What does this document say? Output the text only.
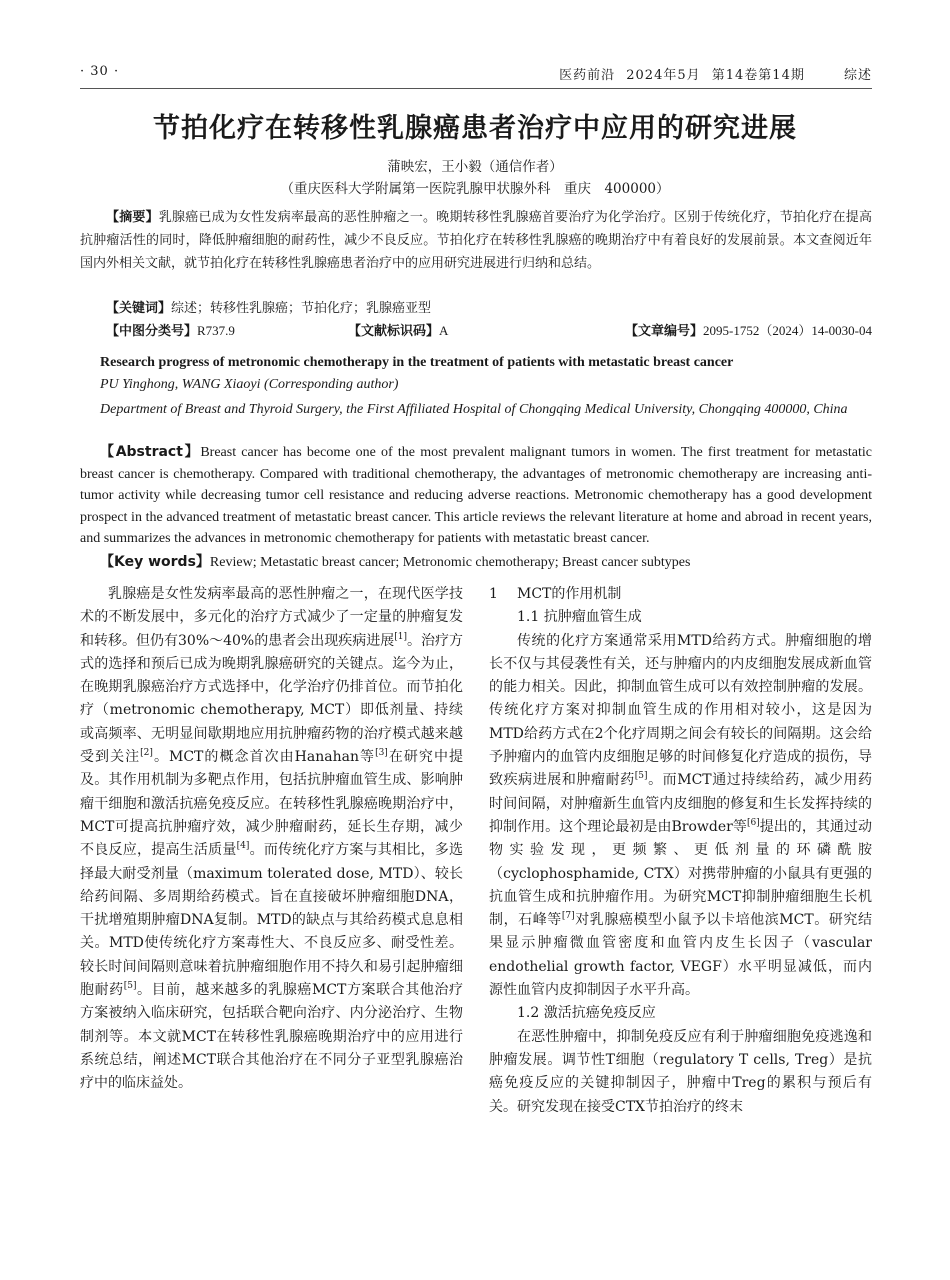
· 30 ·	医药前沿 2024年5月 第14卷第14期	综述
节拍化疗在转移性乳腺癌患者治疗中应用的研究进展
蒲映宏，王小毅（通信作者）
（重庆医科大学附属第一医院乳腺甲状腺外科　重庆　400000）
【摘要】乳腺癌已成为女性发病率最高的恶性肿瘤之一。晚期转移性乳腺癌首要治疗为化学治疗。区别于传统化疗，节拍化疗在提高抗肿瘤活性的同时，降低肿瘤细胞的耐药性，减少不良反应。节拍化疗在转移性乳腺癌的晚期治疗中有着良好的发展前景。本文查阅近年国内外相关文献，就节拍化疗在转移性乳腺癌患者治疗中的应用研究进展进行归纳和总结。
【关键词】综述；转移性乳腺癌；节拍化疗；乳腺癌亚型
【中图分类号】R737.9	【文献标识码】A	【文章编号】2095-1752（2024）14-0030-04
Research progress of metronomic chemotherapy in the treatment of patients with metastatic breast cancer
PU Yinghong, WANG Xiaoyi (Corresponding author)
Department of Breast and Thyroid Surgery, the First Affiliated Hospital of Chongqing Medical University, Chongqing 400000, China
【Abstract】Breast cancer has become one of the most prevalent malignant tumors in women. The first treatment for metastatic breast cancer is chemotherapy. Compared with traditional chemotherapy, the advantages of metronomic chemotherapy are increasing anti-tumor activity while decreasing tumor cell resistance and reducing adverse reactions. Metronomic chemotherapy has a good development prospect in the advanced treatment of metastatic breast cancer. This article reviews the relevant literature at home and abroad in recent years, and summarizes the advances in metronomic chemotherapy for patients with metastatic breast cancer.
【Key words】Review; Metastatic breast cancer; Metronomic chemotherapy; Breast cancer subtypes

乳腺癌是女性发病率最高的恶性肿瘤之一，在现代医学技术的不断发展中，多元化的治疗方式减少了一定量的肿瘤复发和转移。但仍有30%～40%的患者会出现疾病进展[1]。治疗方式的选择和预后已成为晚期乳腺癌研究的关键点。迄今为止，在晚期乳腺癌治疗方式选择中，化学治疗仍排首位。而节拍化疗（metronomic chemotherapy, MCT）即低剂量、持续或高频率、无明显间歇期地应用抗肿瘤药物的治疗模式越来越受到关注[2]。MCT的概念首次由Hanahan等[3]在研究中提及。其作用机制为多靶点作用，包括抗肿瘤血管生成、影响肿瘤干细胞和激活抗癌免疫反应。在转移性乳腺癌晚期治疗中，MCT可提高抗肿瘤疗效，减少肿瘤耐药，延长生存期，减少不良反应，提高生活质量[4]。而传统化疗方案与其相比，多选择最大耐受剂量（maximum tolerated dose, MTD）、较长给药间隔、多周期给药模式。旨在直接破坏肿瘤细胞DNA，干扰增殖期肿瘤DNA复制。MTD的缺点与其给药模式息息相关。MTD使传统化疗方案毒性大、不良反应多、耐受性差。较长时间间隔则意味着抗肿瘤细胞作用不持久和易引起肿瘤细胞耐药[5]。目前，越来越多的乳腺癌MCT方案联合其他治疗方案被纳入临床研究，包括联合靶向治疗、内分泌治疗、生物制剂等。本文就MCT在转移性乳腺癌晚期治疗中的应用进行系统总结，阐述MCT联合其他治疗在不同分子亚型乳腺癌治疗中的临床益处。

1 MCT的作用机制

1.1 抗肿瘤血管生成

传统的化疗方案通常采用MTD给药方式。肿瘤细胞的增长不仅与其侵袭性有关，还与肿瘤内的内皮细胞发展成新血管的能力相关。因此，抑制血管生成可以有效控制肿瘤的发展。传统化疗方案对抑制血管生成的作用相对较小，这是因为MTD给药方式在2个化疗周期之间会有较长的间隔期。这会给予肿瘤内的血管内皮细胞足够的时间修复化疗造成的损伤，导致疾病进展和肿瘤耐药[5]。而MCT通过持续给药，减少用药时间间隔，对肿瘤新生血管内皮细胞的修复和生长发挥持续的抑制作用。这个理论最初是由Browder等[6]提出的，其通过动物实验发现，更频繁、更低剂量的环磷酰胺（cyclophosphamide, CTX）对携带肿瘤的小鼠具有更强的抗血管生成和抗肿瘤作用。为研究MCT抑制肿瘤细胞生长机制，石峰等[7]对乳腺癌模型小鼠予以卡培他滨MCT。研究结果显示肿瘤微血管密度和血管内皮生长因子（vascular endothelial growth factor, VEGF）水平明显减低，而内源性血管内皮抑制因子水平升高。

1.2 激活抗癌免疫反应

在恶性肿瘤中，抑制免疫反应有利于肿瘤细胞免疫逃逸和肿瘤发展。调节性T细胞（regulatory T cells, Treg）是抗癌免疫反应的关键抑制因子，肿瘤中Treg的累积与预后有关。研究发现在接受CTX节拍治疗的终末
